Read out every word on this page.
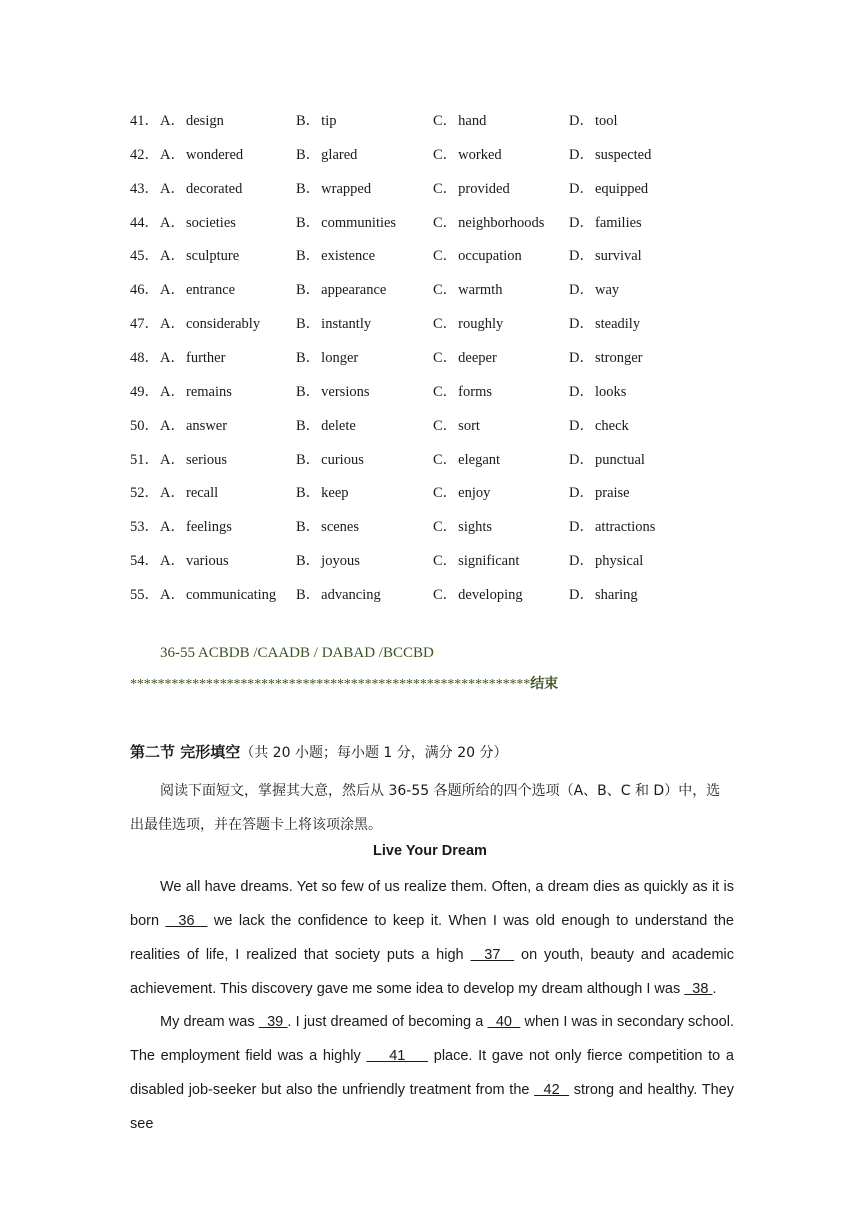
41． A ． design	B ． tip	C ． hand	D ． tool
42． A ． wondered	B ． glared	C ． worked	D ． suspected
43． A ． decorated	B ． wrapped	C ． provided	D ． equipped
44． A ． societies	B ． communities	C ． neighborhoods D ． families
45． A ． sculpture	B ． existence	C ． occupation	D ． survival
46． A ． entrance	B ． appearance	C ． warmth	D ． way
47． A ． considerably B ． instantly	C ． roughly	D ． steadily
48． A ． further	B ． longer	C ． deeper	D ． stronger
49． A ． remains	B ． versions	C ． forms	D ． looks
50． A ． answer	B ． delete	C ． sort	D ． check
51． A ． serious	B ． curious	C ． elegant	D ． punctual
52． A ． recall	B ． keep	C ． enjoy	D ． praise
53． A ． feelings	B ． scenes	C ． sights	D ． attractions
54． A ． various	B ． joyous	C ． significant	D ． physical
55． A ． communicating B ． advancing	C ． developing	D ． sharing
36-55 ACBDB /CAADB / DABAD /BCCBD
**********************************************************结束
第二节 完形填空（共 20 小题；每小题 1 分，满分 20 分）
阅读下面短文，掌握其大意，然后从 36-55 各题所给的四个选项（A、B、C 和 D）中，选出最佳选项，并在答题卡上将该项涂黑。
Live Your Dream
We all have dreams. Yet so few of us realize them. Often, a dream dies as quickly as it is born   36   we lack the confidence to keep it. When I was old enough to understand the realities of life, I realized that society puts a high   37   on youth, beauty and academic achievement. This discovery gave me some idea to develop my dream although I was   38 .
My dream was   39 . I just dreamed of becoming a   40   when I was in secondary school. The employment field was a highly     41     place. It gave not only fierce competition to a disabled job-seeker but also the unfriendly treatment from the   42   strong and healthy. They see
